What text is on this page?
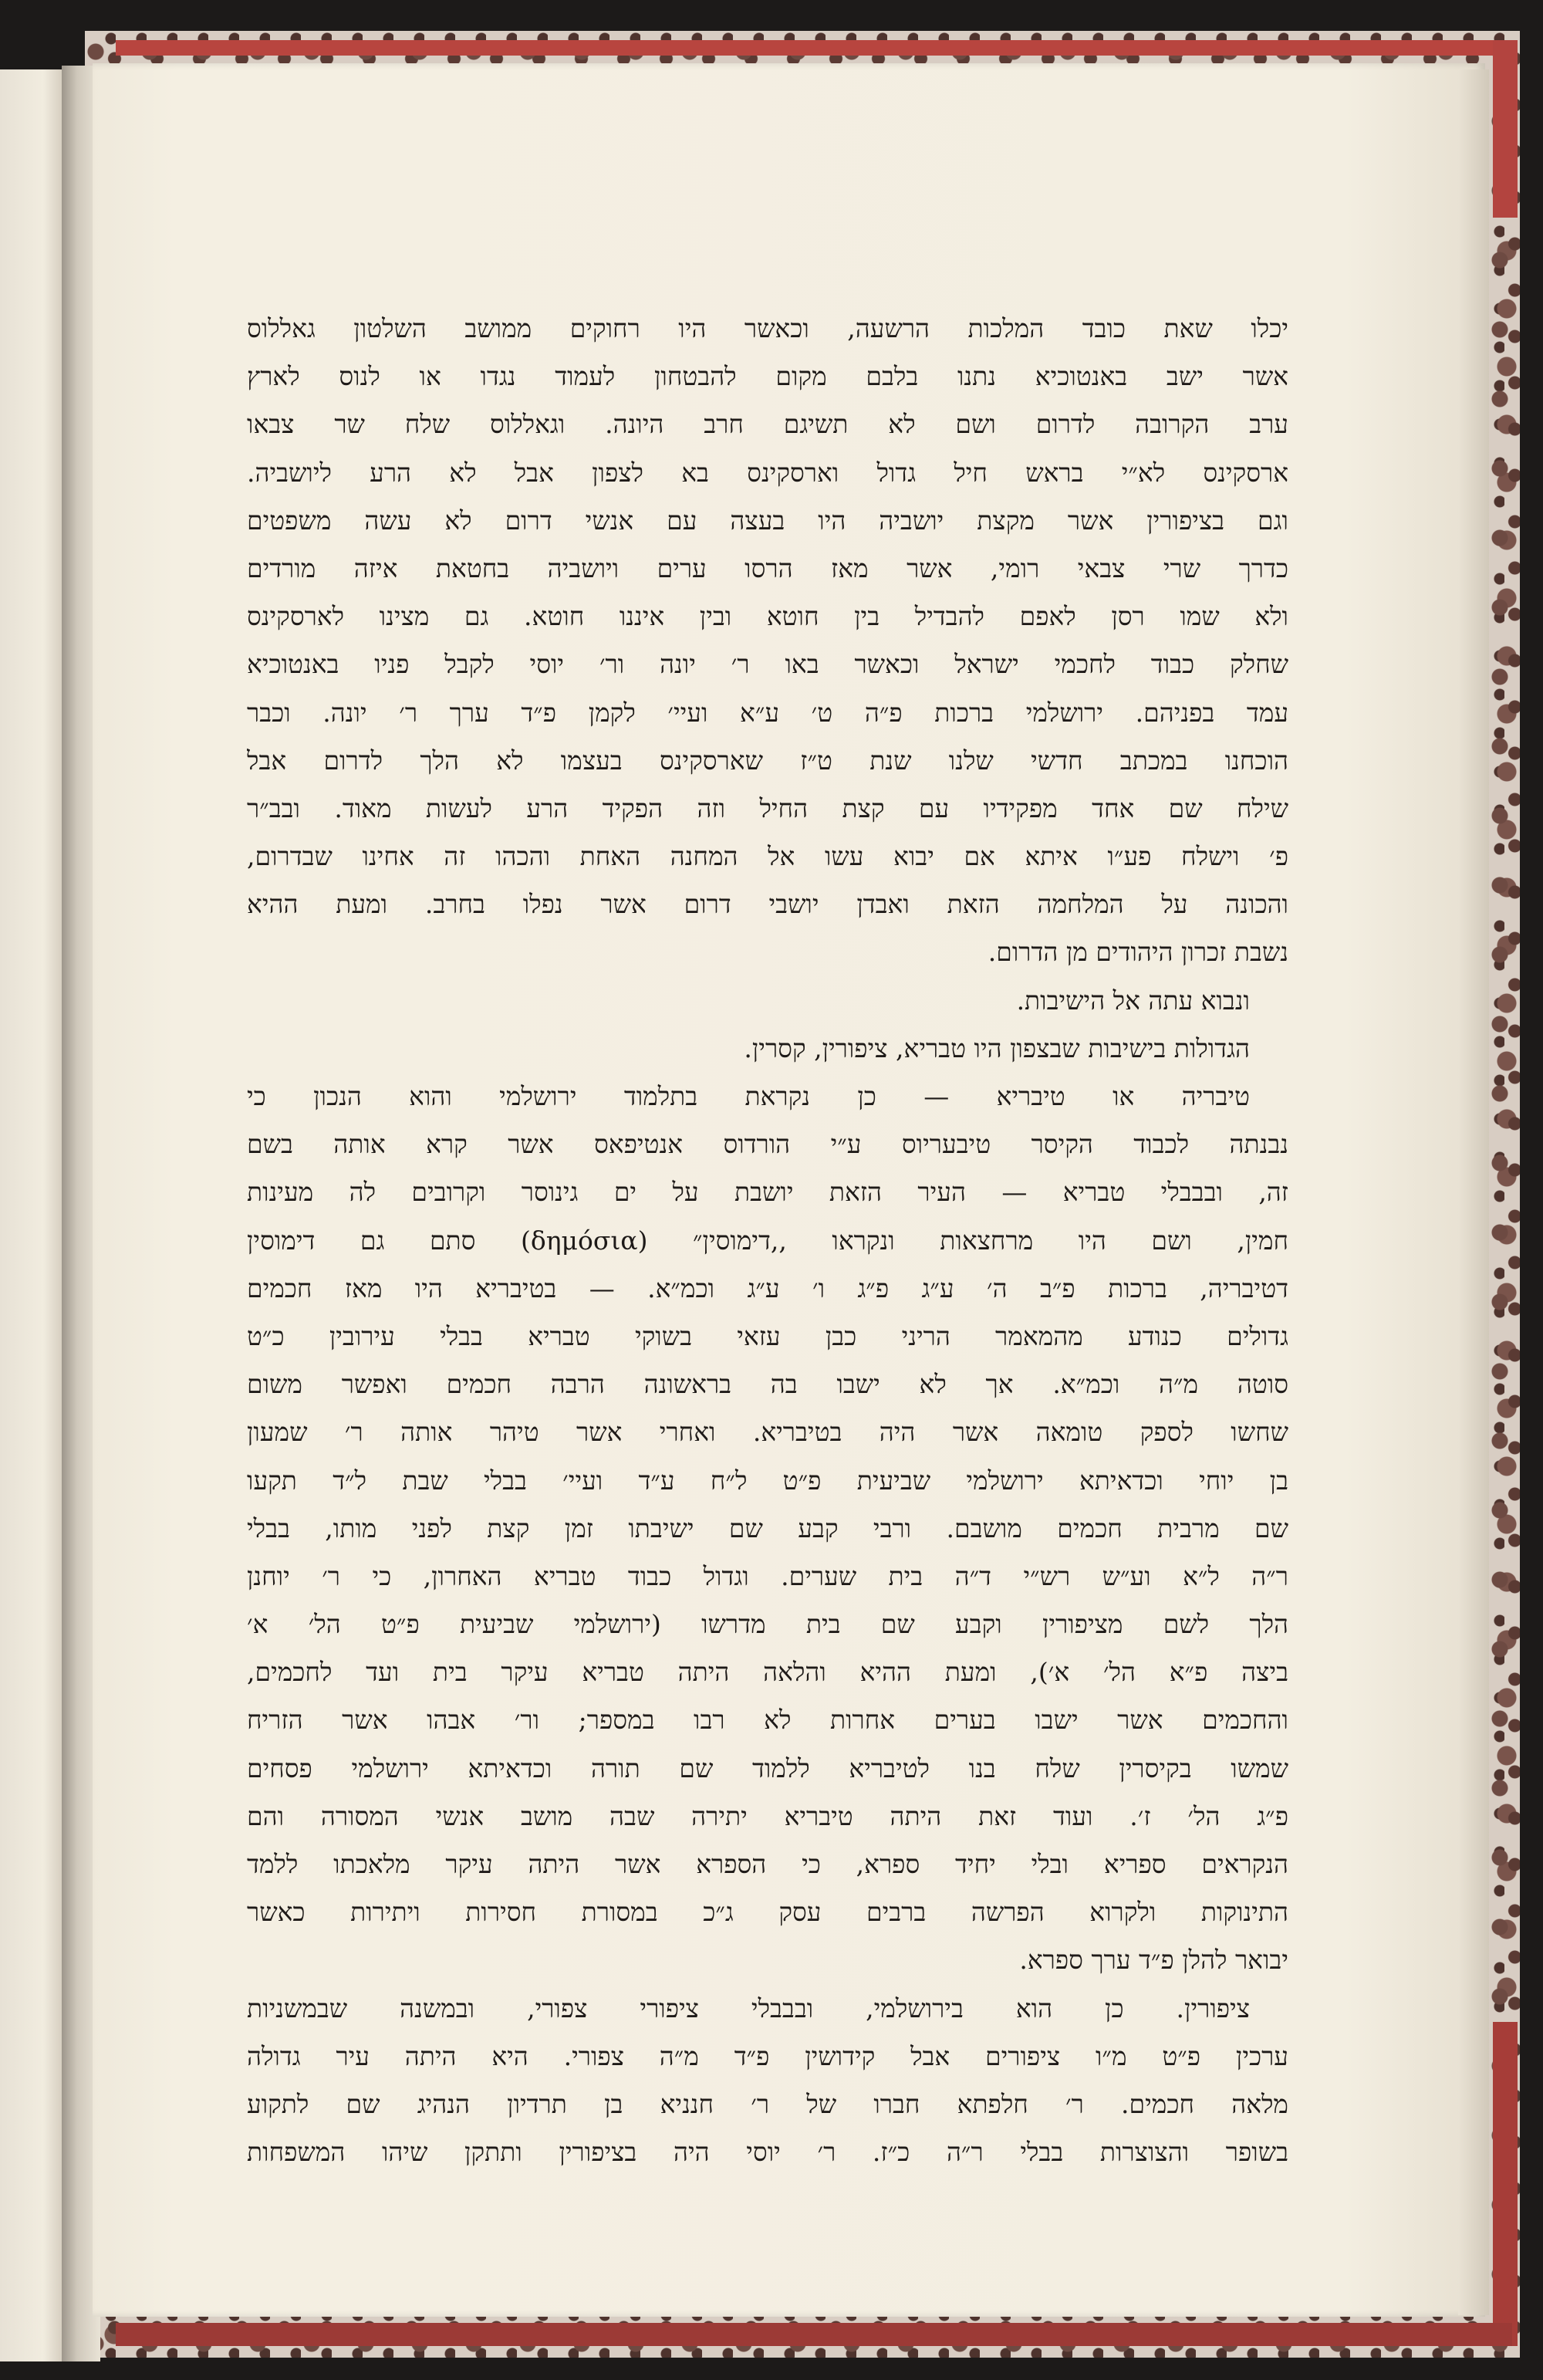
יכלו שאת כובד המלכות הרשעה, וכאשר היו רחוקים ממושב השלטון גאללוס
אשר ישב באנטוכיא נתנו בלבם מקום להבטחון לעמוד נגדו או לנוס לארץ
ערב הקרובה לדרום ושם לא תשיגם חרב היונה. וגאללוס שלח שר צבאו
ארסקינס לא״י בראש חיל גדול וארסקינס בא לצפון אבל לא הרע ליושביה.
וגם בציפורין אשר מקצת יושביה היו בעצה עם אנשי דרום לא עשה משפטים
כדרך שרי צבאי רומי, אשר מאז הרסו ערים ויושביה בחטאת איזה מורדים
ולא שמו רסן לאפם להבדיל בין חוטא ובין איננו חוטא. גם מצינו לארסקינס
שחלק כבוד לחכמי ישראל וכאשר באו ר׳ יונה ור׳ יוסי לקבל פניו באנטוכיא
עמד בפניהם. ירושלמי ברכות פ״ה ט׳ ע״א ועיי׳ לקמן פ״ד ערך ר׳ יונה. וכבר
הוכחנו במכתב חדשי שלנו שנת ט״ז שארסקינס בעצמו לא הלך לדרום אבל
שילח שם אחד מפקידיו עם קצת החיל וזה הפקיד הרע לעשות מאוד. ובב״ר
פ׳ וישלח פע״ו איתא אם יבוא עשו אל המחנה האחת והכהו זה אחינו שבדרום,
והכונה על המלחמה הזאת ואבדן יושבי דרום אשר נפלו בחרב. ומעת ההיא
נשבת זכרון היהודים מן הדרום.
ונבוא עתה אל הישיבות.
הגדולות בישיבות שבצפון היו טבריא, ציפורין, קסרין.
טיבריה או טיבריא — כן נקראת בתלמוד ירושלמי והוא הנכון כי
נבנתה לכבוד הקיסר טיבעריוס ע״י הורדוס אנטיפאס אשר קרא אותה בשם
זה, ובבבלי טבריא — העיר הזאת יושבת על ים גינוסר וקרובים לה מעינות
חמין, ושם היו מרחצאות ונקראו ,,דימוסין״ (δημόσια) סתם גם דימוסין
דטיבריה, ברכות פ״ב ה׳ ע״ג פ״ג ו׳ ע״ג וכמ״א. — בטיבריא היו מאז חכמים
גדולים כנודע מהמאמר הריני כבן עזאי בשוקי טבריא בבלי עירובין כ״ט
סוטה מ״ה וכמ״א. אך לא ישבו בה בראשונה הרבה חכמים ואפשר משום
שחשו לספק טומאה אשר היה בטיבריא. ואחרי אשר טיהר אותה ר׳ שמעון
בן יוחי וכדאיתא ירושלמי שביעית פ״ט ל״ח ע״ד ועיי׳ בבלי שבת ל״ד תקעו
שם מרבית חכמים מושבם. ורבי קבע שם ישיבתו זמן קצת לפני מותו, בבלי
ר״ה ל״א וע״ש רש״י ד״ה בית שערים. וגדול כבוד טבריא האחרון, כי ר׳ יוחנן
הלך לשם מציפורין וקבע שם בית מדרשו (ירושלמי שביעית פ״ט הל׳ א׳
ביצה פ״א הל׳ א׳), ומעת ההיא והלאה היתה טבריא עיקר בית ועד לחכמים,
והחכמים אשר ישבו בערים אחרות לא רבו במספר; ור׳ אבהו אשר הזריח
שמשו בקיסרין שלח בנו לטיבריא ללמוד שם תורה וכדאיתא ירושלמי פסחים
פ״ג הל׳ ז׳. ועוד זאת היתה טיבריא יתירה שבה מושב אנשי המסורה והם
הנקראים ספריא ובלי יחיד ספרא, כי הספרא אשר היתה עיקר מלאכתו ללמד
התינוקות ולקרוא הפרשה ברבים עסק ג״כ במסורת חסירות ויתירות כאשר
יבואר להלן פ״ד ערך ספרא.
ציפורין. כן הוא בירושלמי, ובבבלי ציפורי צפורי, ובמשנה שבמשניות
ערכין פ״ט מ״ו ציפורים אבל קידושין פ״ד מ״ה צפורי. היא היתה עיר גדולה
מלאה חכמים. ר׳ חלפתא חברו של ר׳ חנניא בן תרדיון הנהיג שם לתקוע
בשופר והצוצרות בבלי ר״ה כ״ז. ר׳ יוסי היה בציפורין ותתקן שיהו המשפחות
